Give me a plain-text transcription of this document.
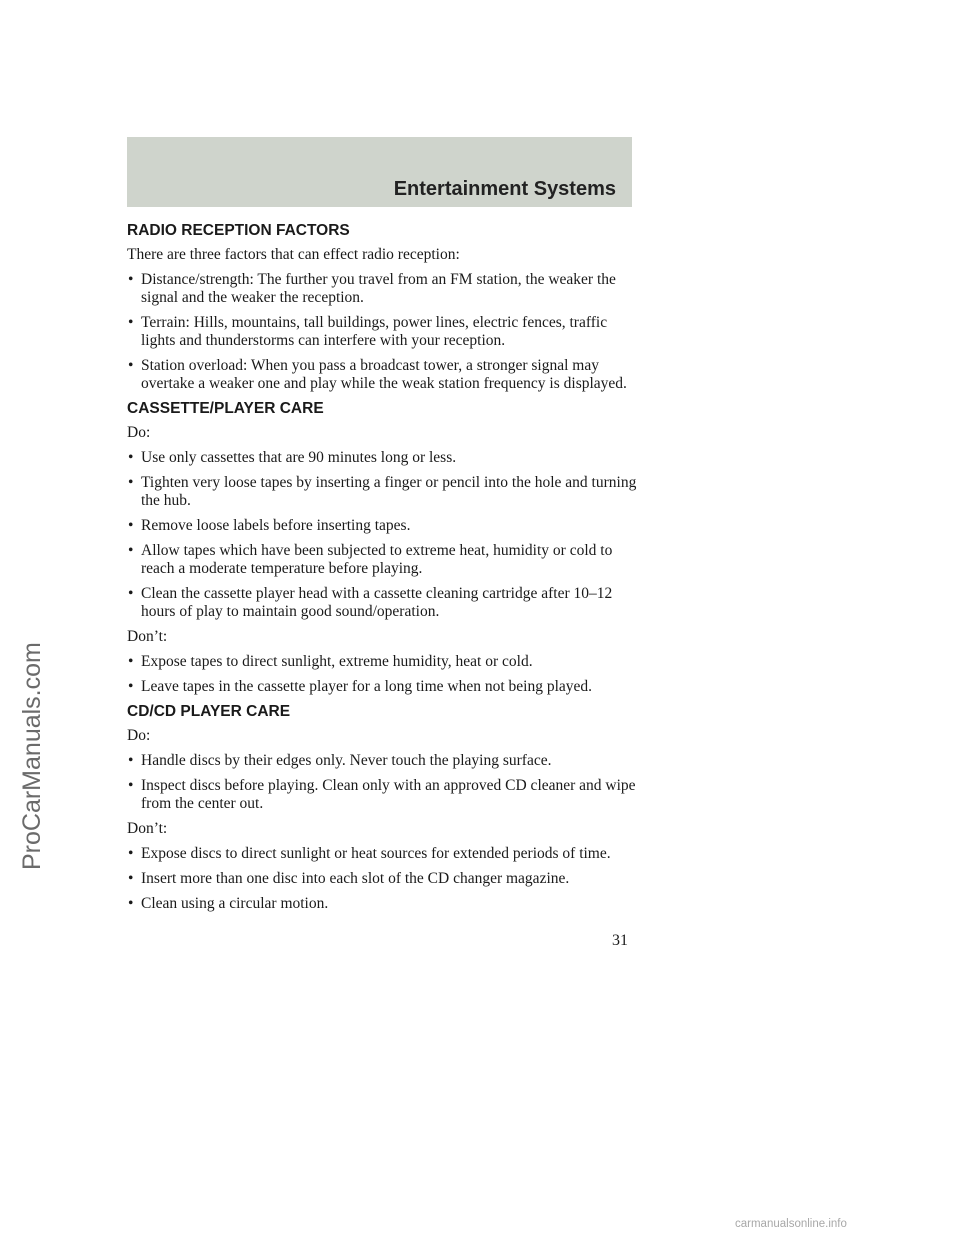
Entertainment Systems
RADIO RECEPTION FACTORS
There are three factors that can effect radio reception:
• Distance/strength: The further you travel from an FM station, the weaker the signal and the weaker the reception.
• Terrain: Hills, mountains, tall buildings, power lines, electric fences, traffic lights and thunderstorms can interfere with your reception.
• Station overload: When you pass a broadcast tower, a stronger signal may overtake a weaker one and play while the weak station frequency is displayed.
CASSETTE/PLAYER CARE
Do:
• Use only cassettes that are 90 minutes long or less.
• Tighten very loose tapes by inserting a finger or pencil into the hole and turning the hub.
• Remove loose labels before inserting tapes.
• Allow tapes which have been subjected to extreme heat, humidity or cold to reach a moderate temperature before playing.
• Clean the cassette player head with a cassette cleaning cartridge after 10–12 hours of play to maintain good sound/operation.
Don’t:
• Expose tapes to direct sunlight, extreme humidity, heat or cold.
• Leave tapes in the cassette player for a long time when not being played.
CD/CD PLAYER CARE
Do:
• Handle discs by their edges only. Never touch the playing surface.
• Inspect discs before playing. Clean only with an approved CD cleaner and wipe from the center out.
Don’t:
• Expose discs to direct sunlight or heat sources for extended periods of time.
• Insert more than one disc into each slot of the CD changer magazine.
• Clean using a circular motion.
31
ProCarManuals.com
carmanualsonline.info
